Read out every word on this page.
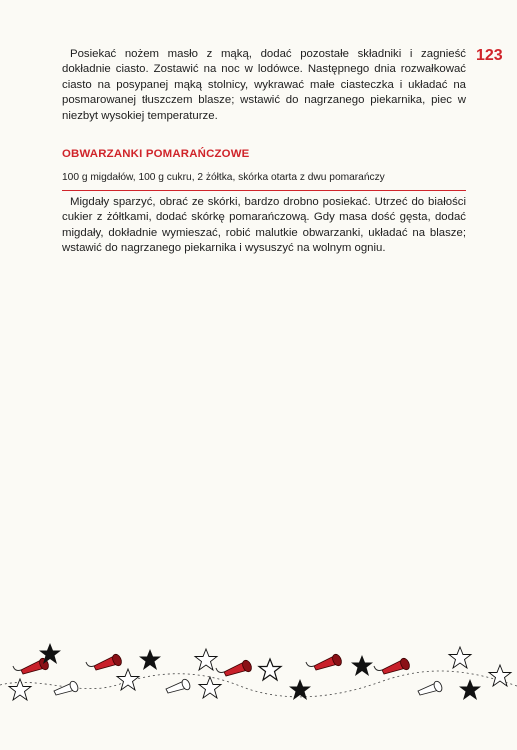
123

Posiekać nożem masło z mąką, dodać pozostałe składniki i zagnieść dokładnie ciasto. Zostawić na noc w lodówce. Następnego dnia rozwałkować ciasto na posypanej mąką stolnicy, wykrawać małe ciasteczka i układać na posmarowanej tłuszczem blasze; wstawić do nagrzanego piekarnika, piec w niezbyt wysokiej temperaturze.

OBWARZANKI POMARAŃCZOWE
100 g migdałów, 100 g cukru, 2 żółtka, skórka otarta z dwu pomarańczy

Migdały sparzyć, obrać ze skórki, bardzo drobno posiekać. Utrzeć do białości cukier z żółtkami, dodać skórkę pomarańczową. Gdy masa dość gęsta, dodać migdały, dokładnie wymieszać, robić malutkie obwarzanki, układać na blasze; wstawić do nagrzanego piekarnika i wysuszyć na wolnym ogniu.
